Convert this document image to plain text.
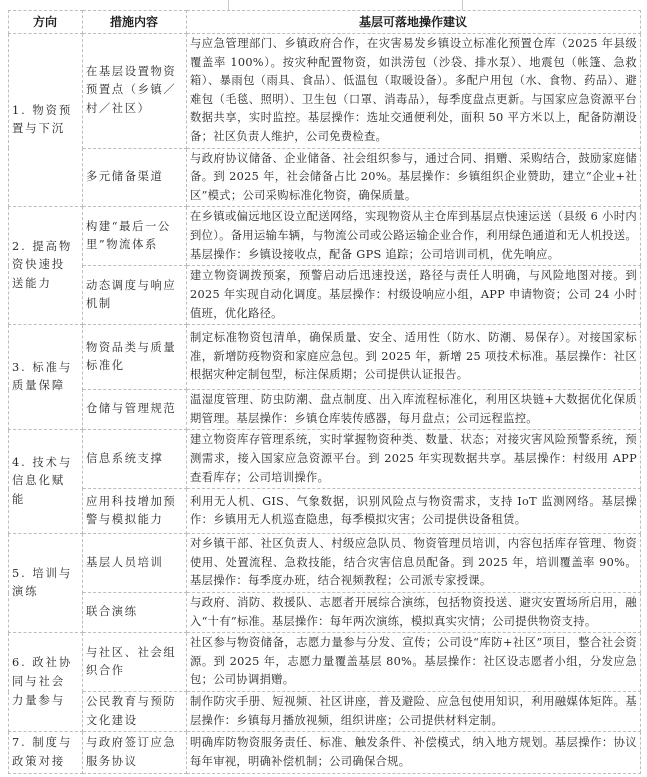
方向	措施内容	基层可落地操作建议
1. 物资预置与下沉	在基层设置物资预置点（乡镇／村／社区）	与应急管理部门、乡镇政府合作，在灾害易发乡镇设立标准化预置仓库（2025 年县级覆盖率 100%）。按灾种配置物资，如洪涝包（沙袋、排水泵）、地震包（帐篷、急救箱）、暴雨包（雨具、食品）、低温包（取暖设备）。多配户用包（水、食物、药品）、避难包（毛毯、照明）、卫生包（口罩、消毒品），每季度盘点更新。与国家应急资源平台数据共享，实时监控。基层操作：选址交通便利处，面积 50 平方米以上，配备防潮设备；社区负责人维护，公司免费检查。
	多元储备渠道	与政府协议储备、企业储备、社会组织参与，通过合同、捐赠、采购结合，鼓励家庭储备。到 2025 年，社会储备占比 20%。基层操作：乡镇组织企业赞助，建立“企业+社区”模式；公司采购标准化物资，确保质量。
2. 提高物资快速投送能力	构建“最后一公里”物流体系	在乡镇或偏远地区设立配送网络，实现物资从主仓库到基层点快速运送（县级 6 小时内到位）。备用运输车辆，与物流公司或公路运输企业合作，利用绿色通道和无人机投送。基层操作：乡镇设接收点，配备 GPS 追踪；公司培训司机，优先响应。
	动态调度与响应机制	建立物资调拨预案，预警启动后迅速投送，路径与责任人明确，与风险地图对接。到 2025 年实现自动化调度。基层操作：村级设响应小组，APP 申请物资；公司 24 小时值班，优化路径。
3. 标准与质量保障	物资品类与质量标准化	制定标准物资包清单，确保质量、安全、适用性（防水、防潮、易保存）。对接国家标准，新增防疫物资和家庭应急包。到 2025 年，新增 25 项技术标准。基层操作：社区根据灾种定制包型，标注保质期；公司提供认证报告。
	仓储与管理规范	温湿度管理、防虫防潮、盘点制度、出入库流程标准化，利用区块链+大数据优化保质期管理。基层操作：乡镇仓库装传感器，每月盘点；公司远程监控。
4. 技术与信息化赋能	信息系统支撑	建立物资库存管理系统，实时掌握物资种类、数量、状态；对接灾害风险预警系统，预测需求，接入国家应急资源平台。到 2025 年实现数据共享。基层操作：村级用 APP 查看库存；公司培训操作。
	应用科技增加预警与模拟能力	利用无人机、GIS、气象数据，识别风险点与物资需求，支持 IoT 监测网络。基层操作：乡镇用无人机巡查隐患，每季模拟灾害；公司提供设备租赁。
5. 培训与演练	基层人员培训	对乡镇干部、社区负责人、村级应急队员、物资管理员培训，内容包括库存管理、物资使用、处置流程、急救技能，结合灾害信息员配备。到 2025 年，培训覆盖率 90%。基层操作：每季度办班，结合视频教程；公司派专家授课。
	联合演练	与政府、消防、救援队、志愿者开展综合演练，包括物资投送、避灾安置场所启用，融入“十有”标准。基层操作：每年两次演练，模拟真实灾情；公司提供物资支持。
6. 政社协同与社会力量参与	与社区、社会组织合作	社区参与物资储备，志愿力量参与分发、宣传；公司设“库防+社区”项目，整合社会资源。到 2025 年，志愿力量覆盖基层 80%。基层操作：社区设志愿者小组，分发应急包；公司协调捐赠。
	公民教育与预防文化建设	制作防灾手册、短视频、社区讲座，普及避险、应急包使用知识，利用融媒体矩阵。基层操作：乡镇每月播放视频，组织讲座；公司提供材料定制。
7. 制度与政策对接	与政府签订应急服务协议	明确库防物资服务责任、标准、触发条件、补偿模式，纳入地方规划。基层操作：协议每年审视，明确补偿机制；公司确保合规。
